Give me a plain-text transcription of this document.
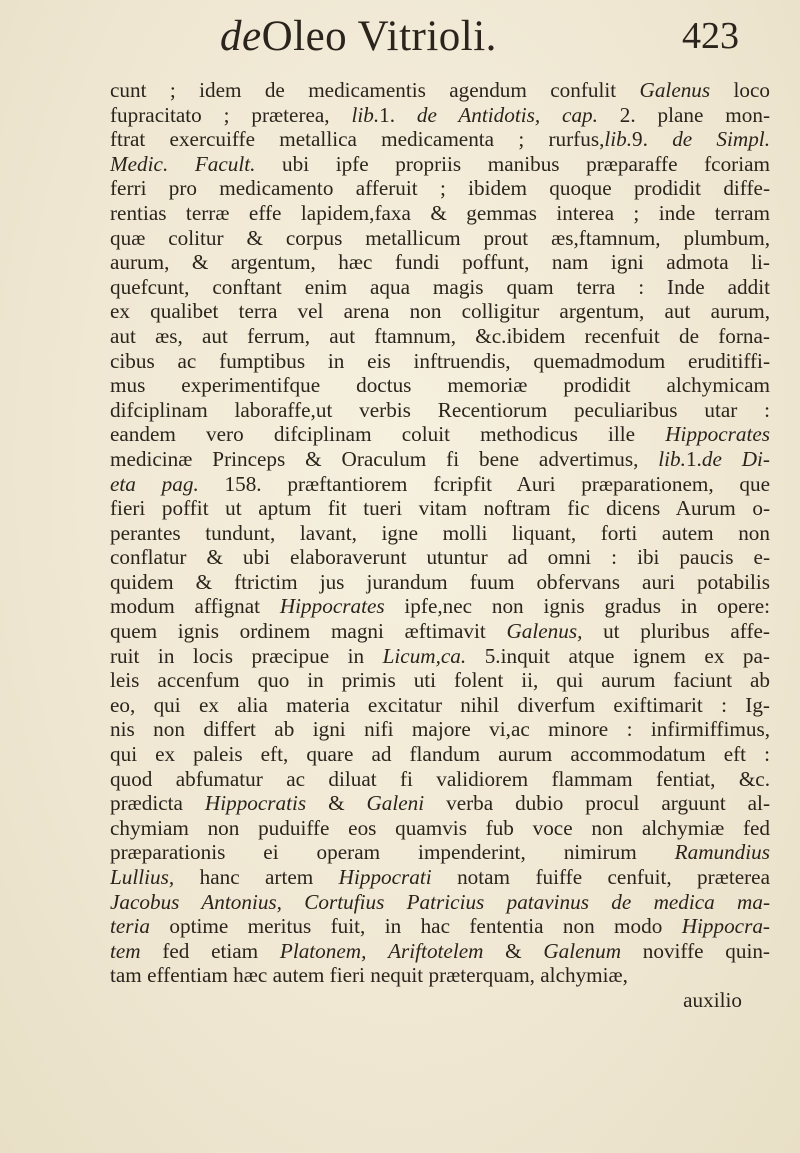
deOleo Vitrioli.	423
cunt ; idem de medicamentis agendum confulit Galenus loco
fupracitato ; præterea, lib.1. de Antidotis, cap. 2. plane mon-
ftrat exercuiffe metallica medicamenta ; rurfus,lib.9. de Simpl.
Medic. Facult. ubi ipfe propriis manibus præparaffe fcoriam
ferri pro medicamento afferuit ; ibidem quoque prodidit diffe-
rentias terræ effe lapidem,faxa & gemmas interea ; inde terram
quæ colitur & corpus metallicum prout æs,ftamnum, plumbum,
aurum, & argentum, hæc fundi poffunt, nam igni admota li-
quefcunt, conftant enim aqua magis quam terra : Inde addit
ex qualibet terra vel arena non colligitur argentum, aut aurum,
aut æs, aut ferrum, aut ftamnum, &c.ibidem recenfuit de forna-
cibus ac fumptibus in eis inftruendis, quemadmodum eruditiffi-
mus experimentifque doctus memoriæ prodidit alchymicam
difciplinam laboraffe,ut verbis Recentiorum peculiaribus utar :
eandem vero difciplinam coluit methodicus ille Hippocrates
medicinæ Princeps & Oraculum fi bene advertimus, lib.1.de Di-
eta pag. 158. præftantiorem fcripfit Auri præparationem, que
fieri poffit ut aptum fit tueri vitam noftram fic dicens Aurum o-
perantes tundunt, lavant, igne molli liquant, forti autem non
conflatur & ubi elaboraverunt utuntur ad omni : ibi paucis e-
quidem & ftrictim jus jurandum fuum obfervans auri potabilis
modum affignat Hippocrates ipfe,nec non ignis gradus in opere:
quem ignis ordinem magni æftimavit Galenus, ut pluribus affe-
ruit in locis præcipue in Licum,ca. 5.inquit atque ignem ex pa-
leis accenfum quo in primis uti folent ii, qui aurum faciunt ab
eo, qui ex alia materia excitatur nihil diverfum exiftimarit : Ig-
nis non differt ab igni nifi majore vi,ac minore : infirmiffimus,
qui ex paleis eft, quare ad flandum aurum accommodatum eft :
quod abfumatur ac diluat fi validiorem flammam fentiat, &c.
prædicta Hippocratis & Galeni verba dubio procul arguunt al-
chymiam non puduiffe eos quamvis fub voce non alchymiæ fed
præparationis ei operam impenderint, nimirum Ramundius
Lullius, hanc artem Hippocrati notam fuiffe cenfuit, præterea
Jacobus Antonius, Cortufius Patricius patavinus de medica ma-
teria optime meritus fuit, in hac fententia non modo Hippocra-
tem fed etiam Platonem, Ariftotelem & Galenum noviffe quin-
tam effentiam hæc autem fieri nequit præterquam, alchymiæ,
auxilio
